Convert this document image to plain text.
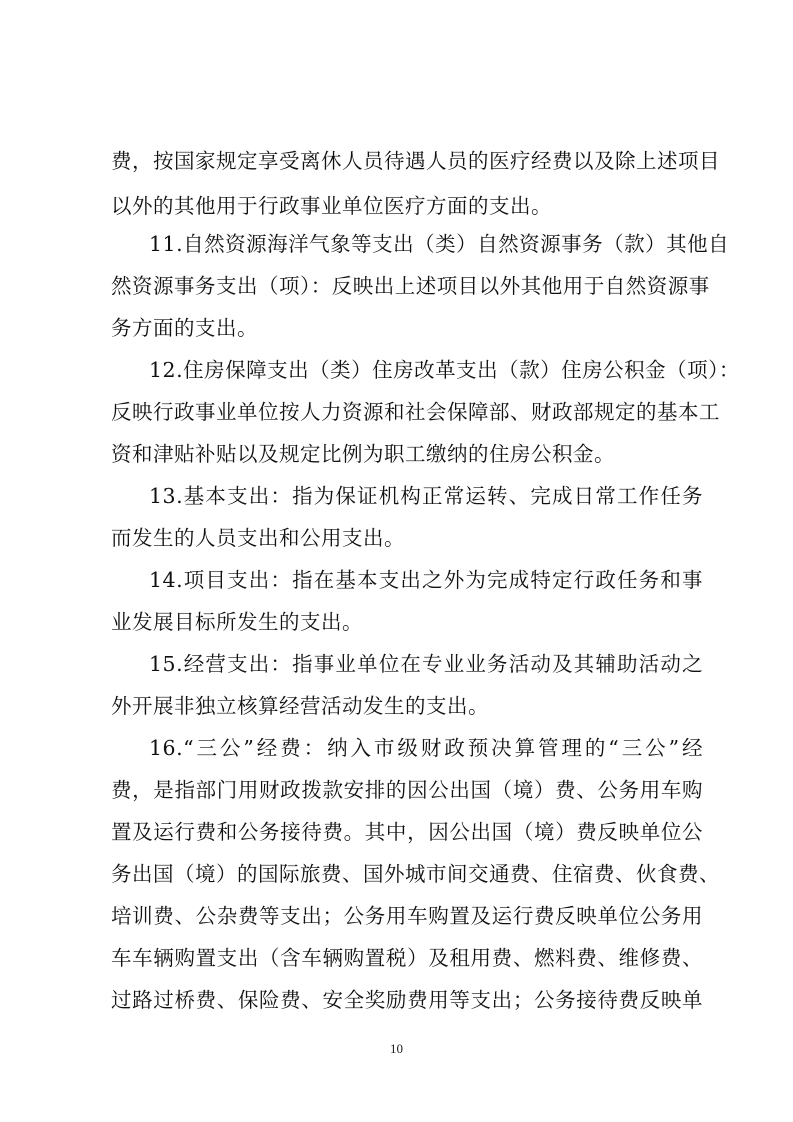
费，按国家规定享受离休人员待遇人员的医疗经费以及除上述项目
以外的其他用于行政事业单位医疗方面的支出。
11.自然资源海洋气象等支出（类）自然资源事务（款）其他自
然资源事务支出（项）：反映出上述项目以外其他用于自然资源事
务方面的支出。
12.住房保障支出（类）住房改革支出（款）住房公积金（项）：
反映行政事业单位按人力资源和社会保障部、财政部规定的基本工
资和津贴补贴以及规定比例为职工缴纳的住房公积金。
13.基本支出：指为保证机构正常运转、完成日常工作任务
而发生的人员支出和公用支出。
14.项目支出：指在基本支出之外为完成特定行政任务和事
业发展目标所发生的支出。
15.经营支出：指事业单位在专业业务活动及其辅助活动之
外开展非独立核算经营活动发生的支出。
16.“三公”经费：纳入市级财政预决算管理的“三公”经
费，是指部门用财政拨款安排的因公出国（境）费、公务用车购
置及运行费和公务接待费。其中，因公出国（境）费反映单位公
务出国（境）的国际旅费、国外城市间交通费、住宿费、伙食费、
培训费、公杂费等支出；公务用车购置及运行费反映单位公务用
车车辆购置支出（含车辆购置税）及租用费、燃料费、维修费、
过路过桥费、保险费、安全奖励费用等支出；公务接待费反映单
10
